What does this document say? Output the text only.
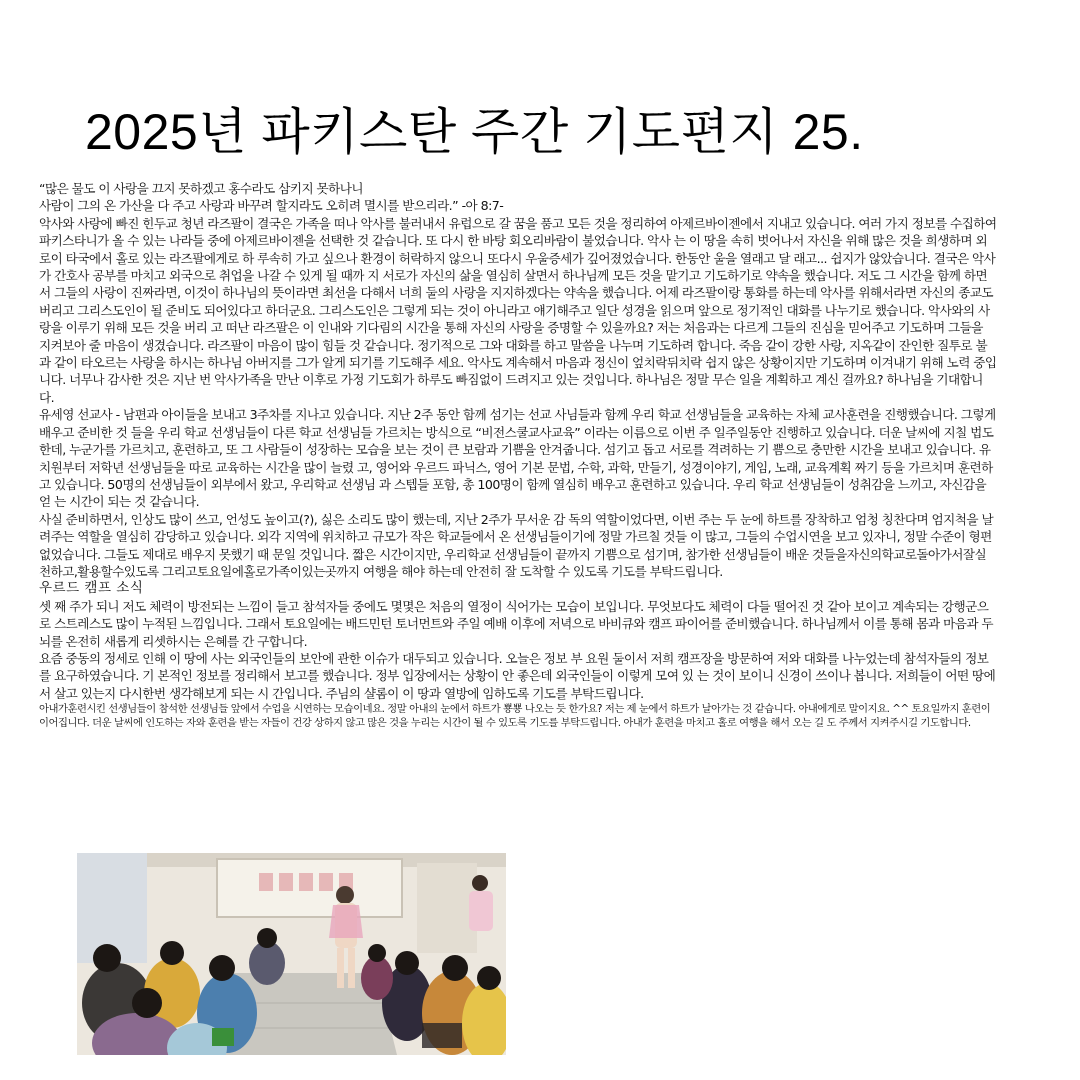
2025년 파키스탄 주간 기도편지 25.

“많은 물도 이 사랑을 끄지 못하겠고 홍수라도 삼키지 못하나니

사람이 그의 온 가산을 다 주고 사랑과 바꾸려 할지라도 오히려 멸시를 받으리라.” -아 8:7-

악사와 사랑에 빠진 힌두교 청년 라즈팔이 결국은 가족을 떠나 악사를 불러내서 유럽으로 갈 꿈을 품고 모든 것을 정리하여 아제르바이젠에서 지내고 있습니다. 여러 가지 정보를 수집하여 파키스타니가 올 수 있는 나라들 중에 아제르바이젠을 선택한 것 같습니다. 또 다시 한 바탕 회오리바람이 불었습니다. 악사 는 이 땅을 속히 벗어나서 자신을 위해 많은 것을 희생하며 외로이 타국에서 홀로 있는 라즈팔에게로 하 루속히 가고 싶으나 환경이 허락하지 않으니 또다시 우울증세가 깊어졌었습니다. 한동안 울을 열래고 달 래고... 쉽지가 않았습니다. 결국은 악사가 간호사 공부를 마치고 외국으로 취업을 나갈 수 있게 될 때까 지 서로가 자신의 삶을 열심히 살면서 하나님께 모든 것을 맡기고 기도하기로 약속을 했습니다. 저도 그 시간을 함께 하면서 그들의 사랑이 진짜라면, 이것이 하나님의 뜻이라면 최선을 다해서 너희 둘의 사랑을 지지하겠다는 약속을 했습니다. 어제 라즈팔이랑 통화를 하는데 악사를 위해서라면 자신의 종교도 버리고 그리스도인이 될 준비도 되어있다고 하더군요. 그리스도인은 그렇게 되는 것이 아니라고 얘기해주고 일단 성경을 읽으며 앞으로 정기적인 대화를 나누기로 했습니다. 악사와의 사랑을 이루기 위해 모든 것을 버리 고 떠난 라즈팔은 이 인내와 기다림의 시간을 통해 자신의 사랑을 증명할 수 있을까요? 저는 처음과는 다르게 그들의 진심을 믿어주고 기도하며 그들을 지켜보아 줄 마음이 생겼습니다. 라즈팔이 마음이 많이 힘들 것 같습니다. 정기적으로 그와 대화를 하고 말씀을 나누며 기도하려 합니다. 죽음 같이 강한 사랑, 지옥같이 잔인한 질투로 불과 같이 타오르는 사랑을 하시는 하나님 아버지를 그가 알게 되기를 기도해주 세요. 악사도 계속해서 마음과 정신이 엎치락뒤치락 쉽지 않은 상황이지만 기도하며 이겨내기 위해 노력 중입니다. 너무나 감사한 것은 지난 번 악사가족을 만난 이후로 가정 기도회가 하루도 빠짐없이 드려지고 있는 것입니다. 하나님은 정말 무슨 일을 계획하고 계신 걸까요? 하나님을 기대합니다.

유세영 선교사 - 남편과 아이들을 보내고 3주차를 지나고 있습니다. 지난 2주 동안 함께 섬기는 선교 사님들과 함께 우리 학교 선생님들을 교육하는 자체 교사훈련을 진행했습니다. 그렇게 배우고 준비한 것 들을 우리 학교 선생님들이 다른 학교 선생님들 가르치는 방식으로 “비전스쿨교사교육” 이라는 이름으로 이번 주 일주일동안 진행하고 있습니다. 더운 날씨에 지칠 법도 한데, 누군가를 가르치고, 훈련하고, 또 그 사람들이 성장하는 모습을 보는 것이 큰 보람과 기쁨을 안겨줍니다. 섬기고 돕고 서로를 격려하는 기 쁨으로 충만한 시간을 보내고 있습니다. 유치원부터 저학년 선생님들을 따로 교육하는 시간을 많이 늘렸 고, 영어와 우르드 파닉스, 영어 기본 문법, 수학, 과학, 만들기, 성경이야기, 게임, 노래, 교육계획 짜기 등을 가르치며 훈련하고 있습니다. 50명의 선생님들이 외부에서 왔고, 우리학교 선생님 과 스텝들 포함, 총 100명이 함께 열심히 배우고 훈련하고 있습니다. 우리 학교 선생님들이 성취감을 느끼고, 자신감을 얻 는 시간이 되는 것 같습니다.

사실 준비하면서, 인상도 많이 쓰고, 언성도 높이고(?), 싫은 소리도 많이 했는데, 지난 2주가 무서운 감 독의 역할이었다면, 이번 주는 두 눈에 하트를 장착하고 엄청 칭찬다며 엄지척을 날려주는 역할을 열심히 감당하고 있습니다. 외각 지역에 위치하고 규모가 작은 학교들에서 온 선생님들이기에 정말 가르칠 것들 이 많고, 그들의 수업시연을 보고 있자니, 정말 수준이 형편없었습니다. 그들도 제대로 배우지 못했기 때 문일 것입니다. 짧은 시간이지만, 우리학교 선생님들이 끝까지 기쁨으로 섬기며, 참가한 선생님들이 배운 것들을자신의학교로돌아가서잘실천하고,활용할수있도록 그리고토요일에홀로가족이있는곳까지 여행을 해야 하는데 안전히 잘 도착할 수 있도록 기도를 부탁드립니다.

우르드 캠프 소식

셋 째 주가 되니 저도 체력이 방전되는 느낌이 들고 참석자들 중에도 몇몇은 처음의 열정이 식어가는 모습이 보입니다. 무엇보다도 체력이 다들 떨어진 것 같아 보이고 계속되는 강행군으로 스트레스도 많이 누적된 느낌입니다. 그래서 토요일에는 배드민턴 토너먼트와 주일 예배 이후에 저녁으로 바비큐와 캠프 파이어를 준비했습니다. 하나님께서 이를 통해 몸과 마음과 두뇌를 온전히 새롭게 리셋하시는 은혜를 간 구합니다.

요즘 중동의 정세로 인해 이 땅에 사는 외국인들의 보안에 관한 이슈가 대두되고 있습니다. 오늘은 정보 부 요원 둘이서 저희 캠프장을 방문하여 저와 대화를 나누었는데 참석자들의 정보를 요구하였습니다. 기 본적인 정보를 정리해서 보고를 했습니다. 정부 입장에서는 상황이 안 좋은데 외국인들이 이렇게 모여 있 는 것이 보이니 신경이 쓰이나 봅니다. 저희들이 어떤 땅에서 살고 있는지 다시한번 생각해보게 되는 시 간입니다. 주님의 샬롬이 이 땅과 열방에 임하도록 기도를 부탁드립니다.

아내가훈련시킨 선생님들이 참석한 선생님들 앞에서 수업을 시연하는 모습이네요. 정말 아내의 눈에서 하트가 뿅뿅 나오는 듯 한가요? 저는 제 눈에서 하트가 날아가는 것 같습니다. 아내에게로 말이지요. ^^ 토요일까지 훈련이 이어집니다. 더운 날씨에 인도하는 자와 훈련을 받는 자들이 건강 상하지 않고 많은 것을 누리는 시간이 될 수 있도록 기도를 부탁드립니다. 아내가 훈련을 마치고 홀로 여행을 해서 오는 길 도 주께서 지켜주시길 기도합니다.
